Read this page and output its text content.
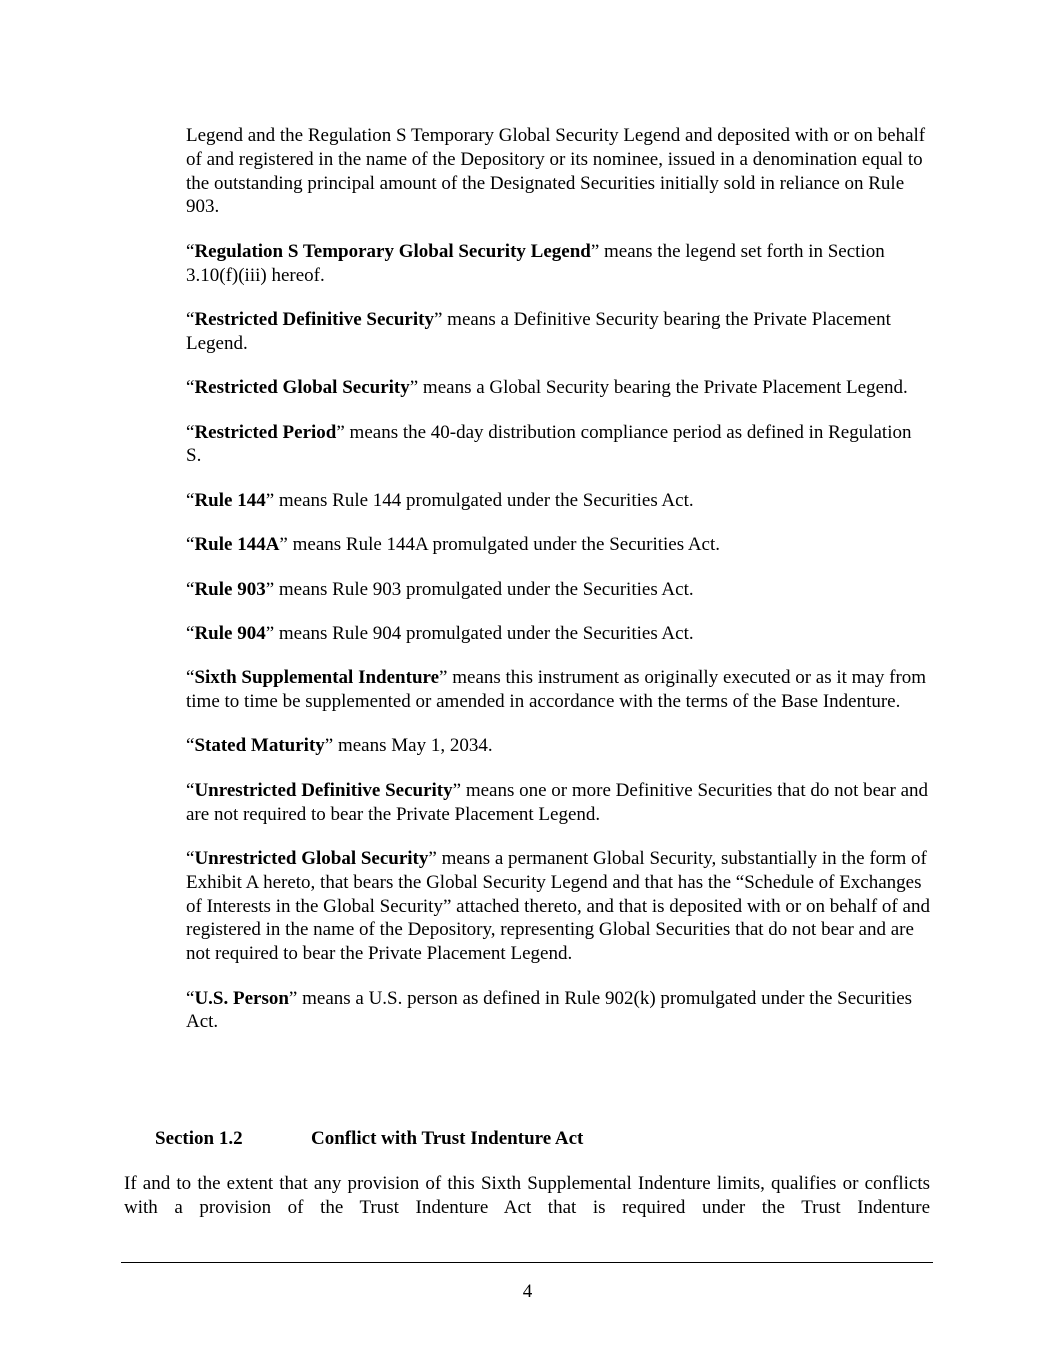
Legend and the Regulation S Temporary Global Security Legend and deposited with or on behalf of and registered in the name of the Depository or its nominee, issued in a denomination equal to the outstanding principal amount of the Designated Securities initially sold in reliance on Rule 903.

“Regulation S Temporary Global Security Legend” means the legend set forth in Section 3.10(f)(iii) hereof.

“Restricted Definitive Security” means a Definitive Security bearing the Private Placement Legend.

“Restricted Global Security” means a Global Security bearing the Private Placement Legend.

“Restricted Period” means the 40-day distribution compliance period as defined in Regulation S.

“Rule 144” means Rule 144 promulgated under the Securities Act.

“Rule 144A” means Rule 144A promulgated under the Securities Act.

“Rule 903” means Rule 903 promulgated under the Securities Act.

“Rule 904” means Rule 904 promulgated under the Securities Act.

“Sixth Supplemental Indenture” means this instrument as originally executed or as it may from time to time be supplemented or amended in accordance with the terms of the Base Indenture.

“Stated Maturity” means May 1, 2034.

“Unrestricted Definitive Security” means one or more Definitive Securities that do not bear and are not required to bear the Private Placement Legend.

“Unrestricted Global Security” means a permanent Global Security, substantially in the form of Exhibit A hereto, that bears the Global Security Legend and that has the “Schedule of Exchanges of Interests in the Global Security” attached thereto, and that is deposited with or on behalf of and registered in the name of the Depository, representing Global Securities that do not bear and are not required to bear the Private Placement Legend.

“U.S. Person” means a U.S. person as defined in Rule 902(k) promulgated under the Securities Act.

Section 1.2	Conflict with Trust Indenture Act

If and to the extent that any provision of this Sixth Supplemental Indenture limits, qualifies or conflicts with a provision of the Trust Indenture Act that is required under the Trust Indenture

4
